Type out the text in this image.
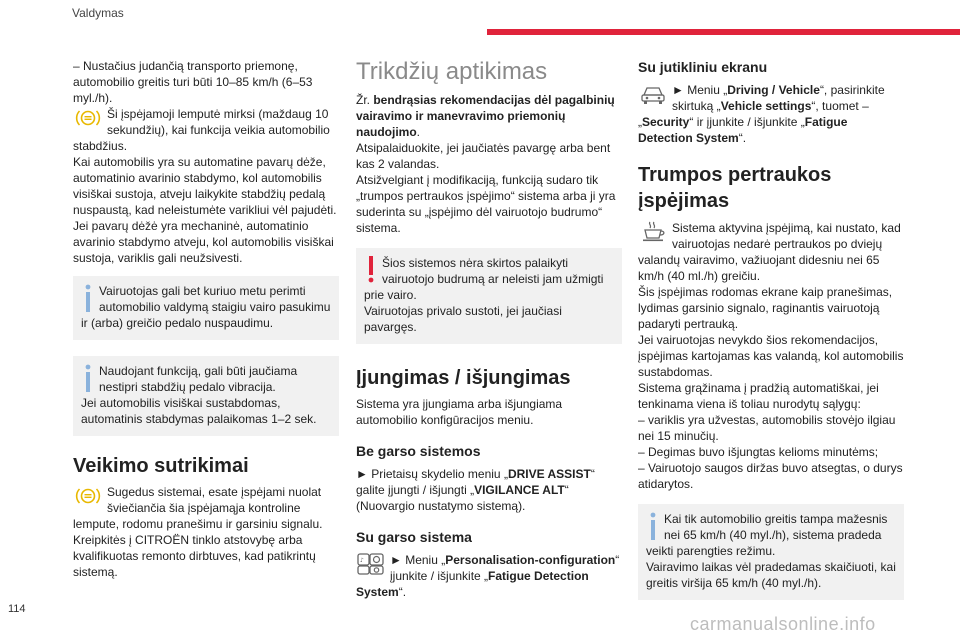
Valdymas

– Nustačius judančią transporto priemonę, automobilio greitis turi būti 10–85 km/h (6–53 myl./h).

Ši įspėjamoji lemputė mirksi (maždaug 10 sekundžių), kai funkcija veikia automobilio stabdžius.

Kai automobilis yra su automatine pavarų dėže, automatinio avarinio stabdymo, kol automobilis visiškai sustoja, atveju laikykite stabdžių pedalą nuspaustą, kad neleistumėte varikliui vėl pajudėti.

Jei pavarų dėžė yra mechaninė, automatinio avarinio stabdymo atveju, kol automobilis visiškai sustoja, variklis gali neužsivesti.

Vairuotojas gali bet kuriuo metu perimti automobilio valdymą staigiu vairo pasukimu ir (arba) greičio pedalo nuspaudimu.
Naudojant funkciją, gali būti jaučiama nestipri stabdžių pedalo vibracija.
Jei automobilis visiškai sustabdomas, automatinis stabdymas palaikomas 1–2 sek.
Veikimo sutrikimai
Sugedus sistemai, esate įspėjami nuolat šviečiančia šia įspėjamąja kontroline lempute, rodomu pranešimu ir garsiniu signalu.

Kreipkitės į CITROËN tinklo atstovybę arba kvalifikuotas remonto dirbtuves, kad patikrintų sistemą.

Trikdžių aptikimas

Žr. bendrąsias rekomendacijas dėl pagalbinių vairavimo ir manevravimo priemonių naudojimo.

Atsipalaiduokite, jei jaučiatės pavargę arba bent kas 2 valandas.

Atsižvelgiant į modifikaciją, funkciją sudaro tik „trumpos pertraukos įspėjimo“ sistema arba ji yra suderinta su „įspėjimo dėl vairuotojo budrumo“ sistema.

Šios sistemos nėra skirtos palaikyti vairuotojo budrumą ar neleisti jam užmigti prie vairo.
Vairuotojas privalo sustoti, jei jaučiasi pavargęs.
Įjungimas / išjungimas

Sistema yra įjungiama arba išjungiama automobilio konfigūracijos meniu.

Be garso sistemos

► Prietaisų skydelio meniu „DRIVE ASSIST“ galite įjungti / išjungti „VIGILANCE ALT“ (Nuovargio nustatymo sistemą).

Su garso sistema
♪ ► Meniu „Personalisation-configuration“ įjunkite / išjunkite „Fatigue Detection System“.
Su jutikliniu ekranu
► Meniu „Driving / Vehicle“, pasirinkite skirtuką „Vehicle settings“, tuomet – „Security“ ir įjunkite / išjunkite „Fatigue Detection System“.
Trumpos pertraukos įspėjimas
Sistema aktyvina įspėjimą, kai nustato, kad vairuotojas nedarė pertraukos po dviejų valandų vairavimo, važiuojant didesniu nei 65 km/h (40 ml./h) greičiu.

Šis įspėjimas rodomas ekrane kaip pranešimas, lydimas garsinio signalo, raginantis vairuotoją padaryti pertrauką.

Jei vairuotojas nevykdo šios rekomendacijos, įspėjimas kartojamas kas valandą, kol automobilis sustabdomas.

Sistema grąžinama į pradžią automatiškai, jei tenkinama viena iš toliau nurodytų sąlygų:

– variklis yra užvestas, automobilis stovėjo ilgiau nei 15 minučių.

– Degimas buvo išjungtas kelioms minutėms;

– Vairuotojo saugos diržas buvo atsegtas, o durys atidarytos.

Kai tik automobilio greitis tampa mažesnis nei 65 km/h (40 myl./h), sistema pradeda veikti parengties režimu.
Vairavimo laikas vėl pradedamas skaičiuoti, kai greitis viršija 65 km/h (40 myl./h).
114
carmanualsonline.info
